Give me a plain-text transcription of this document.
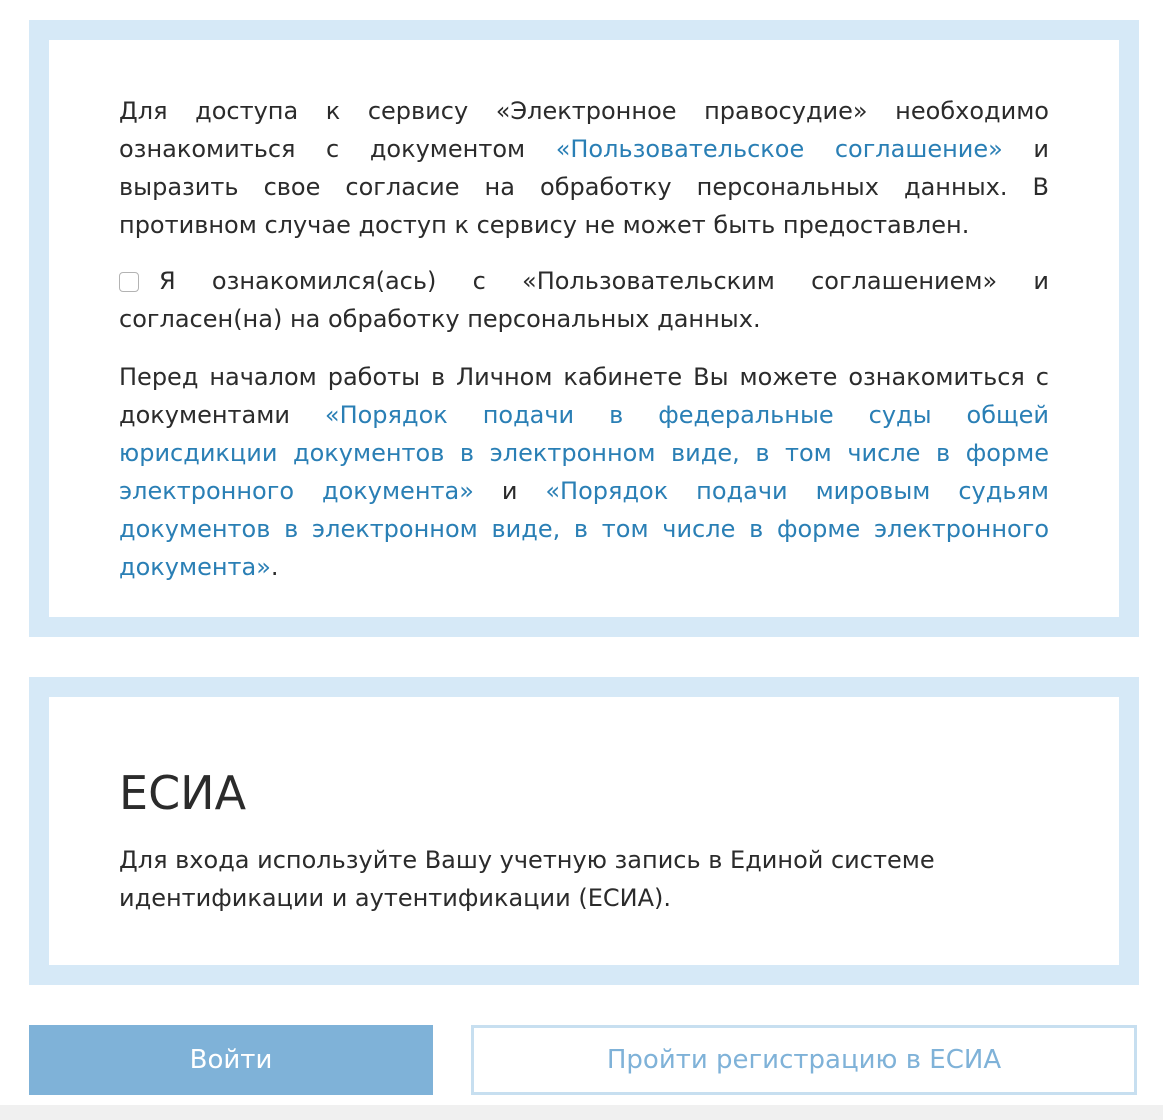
Для доступа к сервису «Электронное правосудие» необходимо ознакомиться с документом «Пользовательское соглашение» и выразить свое согласие на обработку персональных данных. В противном случае доступ к сервису не может быть предоставлен.

Я ознакомился(ась) с «Пользовательским соглашением» и согласен(на) на обработку персональных данных.

Перед началом работы в Личном кабинете Вы можете ознакомиться с документами «Порядок подачи в федеральные суды общей юрисдикции документов в электронном виде, в том числе в форме электронного документа» и «Порядок подачи мировым судьям документов в электронном виде, в том числе в форме электронного документа».

ЕСИА

Для входа используйте Вашу учетную запись в Единой системе идентификации и аутентификации (ЕСИА).

Войти	Пройти регистрацию в ЕСИА
